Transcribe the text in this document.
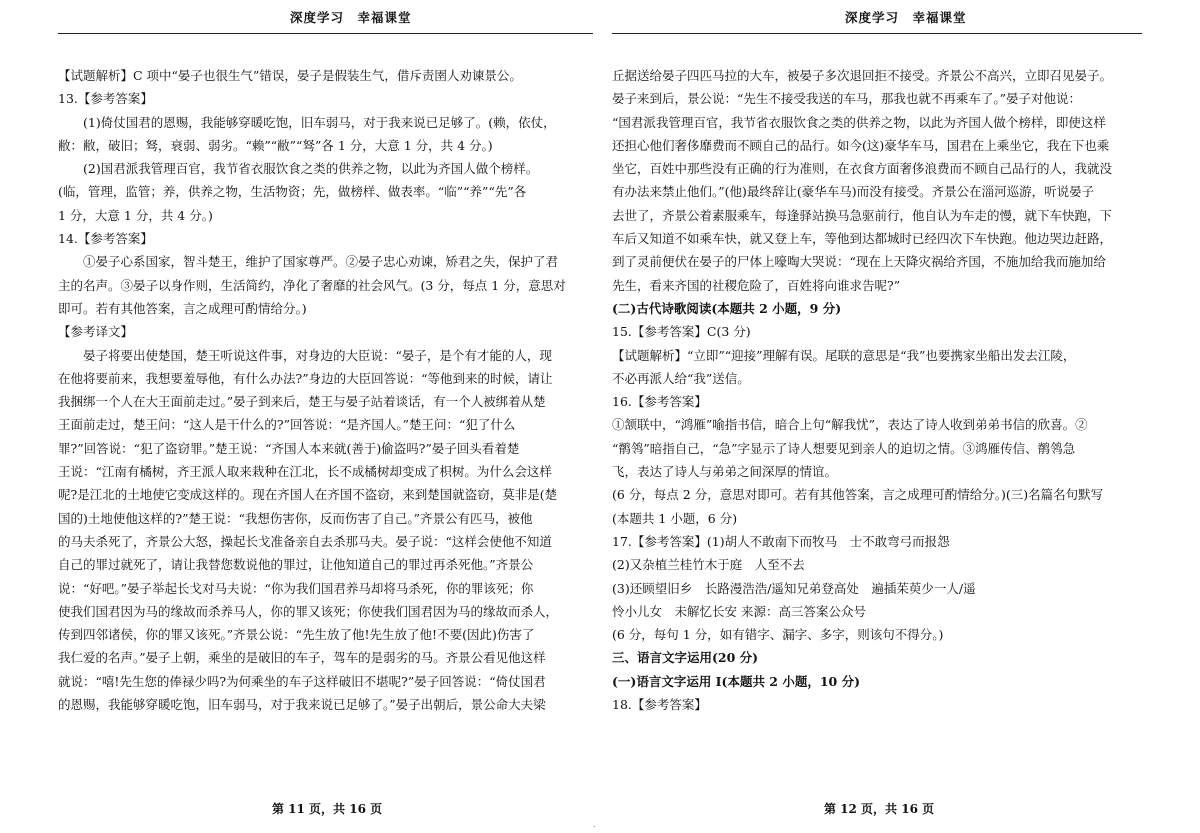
深度学习　幸福课堂	深度学习　幸福课堂

【试题解析】C 项中“晏子也很生气”错误，晏子是假装生气，借斥责圉人劝谏景公。

13.【参考答案】

(1)倚仗国君的恩赐，我能够穿暖吃饱，旧车弱马，对于我来说已足够了。(赖，依仗，

敝：敝，破旧；驽，衰弱、弱劣。“赖”“敝”“驽”各 1 分，大意 1 分，共 4 分。)

(2)国君派我管理百官，我节省衣服饮食之类的供养之物，以此为齐国人做个榜样。

(临，管理，监管；养，供养之物，生活物资；先，做榜样、做表率。“临”“养”“先”各

1 分，大意 1 分，共 4 分。)

14.【参考答案】

①晏子心系国家，智斗楚王，维护了国家尊严。②晏子忠心劝谏，矫君之失，保护了君

主的名声。③晏子以身作则，生活简约，净化了奢靡的社会风气。(3 分，每点 1 分，意思对

即可。若有其他答案，言之成理可酌情给分。)

【参考译文】

晏子将要出使楚国，楚王听说这件事，对身边的大臣说：“晏子，是个有才能的人，现

在他将要前来，我想要羞辱他，有什么办法?”身边的大臣回答说：“等他到来的时候，请让

我捆绑一个人在大王面前走过。”晏子到来后，楚王与晏子站着谈话，有一个人被绑着从楚

王面前走过，楚王问：“这人是干什么的?”回答说：“是齐国人。”楚王问：“犯了什么

罪?”回答说：“犯了盗窃罪。”楚王说：“齐国人本来就(善于)偷盗吗?”晏子回头看着楚

王说：“江南有橘树，齐王派人取来栽种在江北，长不成橘树却变成了枳树。为什么会这样

呢?是江北的土地使它变成这样的。现在齐国人在齐国不盗窃，来到楚国就盗窃，莫非是(楚

国的)土地使他这样的?”楚王说：“我想伤害你，反而伤害了自己。”齐景公有匹马，被他

的马夫杀死了，齐景公大怒，操起长戈准备亲自去杀那马夫。晏子说：“这样会使他不知道

自己的罪过就死了，请让我替您数说他的罪过，让他知道自己的罪过再杀死他。”齐景公

说：“好吧。”晏子举起长戈对马夫说：“你为我们国君养马却将马杀死，你的罪该死；你

使我们国君因为马的缘故而杀养马人，你的罪又该死；你使我们国君因为马的缘故而杀人，

传到四邻诸侯，你的罪又该死。”齐景公说：“先生放了他!先生放了他!不要(因此)伤害了

我仁爱的名声。”晏子上朝，乘坐的是破旧的车子，驾车的是弱劣的马。齐景公看见他这样

就说：“嘻!先生您的俸禄少吗?为何乘坐的车子这样破旧不堪呢?”晏子回答说：“倚仗国君

的恩赐，我能够穿暖吃饱，旧车弱马，对于我来说已足够了。”晏子出朝后，景公命大夫梁

丘据送给晏子四匹马拉的大车，被晏子多次退回拒不接受。齐景公不高兴，立即召见晏子。

晏子来到后，景公说：“先生不接受我送的车马，那我也就不再乘车了。”晏子对他说：

“国君派我管理百官，我节省衣服饮食之类的供养之物，以此为齐国人做个榜样，即使这样

还担心他们奢侈靡费而不顾自己的品行。如今(这)豪华车马，国君在上乘坐它，我在下也乘

坐它，百姓中那些没有正确的行为准则，在衣食方面奢侈浪费而不顾自己品行的人，我就没

有办法来禁止他们。”(他)最终辞让(豪华车马)而没有接受。齐景公在淄河巡游，听说晏子

去世了，齐景公着素服乘车，每逢驿站换马急驱前行，他自认为车走的慢，就下车快跑，下

车后又知道不如乘车快，就又登上车，等他到达都城时已经四次下车快跑。他边哭边赶路，

到了灵前便伏在晏子的尸体上嚎啕大哭说：“现在上天降灾祸给齐国，不施加给我而施加给

先生，看来齐国的社稷危险了，百姓将向谁求告呢?”

(二)古代诗歌阅读(本题共 2 小题，9 分)

15.【参考答案】C(3 分)

【试题解析】“立即”“迎接”理解有误。尾联的意思是“我”也要携家坐船出发去江陵，

不必再派人给“我”送信。

16.【参考答案】

①颔联中，“鸿雁”喻指书信，暗合上句“解我忧”，表达了诗人收到弟弟书信的欣喜。②

“鹡鸰”暗指自己，“急”字显示了诗人想要见到亲人的迫切之情。③鸿雁传信、鹡鸰急

飞，表达了诗人与弟弟之间深厚的情谊。

(6 分，每点 2 分，意思对即可。若有其他答案，言之成理可酌情给分。)(三)名篇名句默写

(本题共 1 小题，6 分)

17.【参考答案】(1)胡人不敢南下而牧马　士不敢弯弓而报怨

(2)又杂植兰桂竹木于庭　人至不去

(3)还顾望旧乡　长路漫浩浩/遥知兄弟登高处　遍插茱萸少一人/遥

怜小儿女　未解忆长安 来源：高三答案公众号

(6 分，每句 1 分，如有错字、漏字、多字，则该句不得分。)

三、语言文字运用(20 分)

(一)语言文字运用 Ⅰ(本题共 2 小题，10 分)

18.【参考答案】

第 11 页，共 16 页	第 12 页，共 16 页
.
